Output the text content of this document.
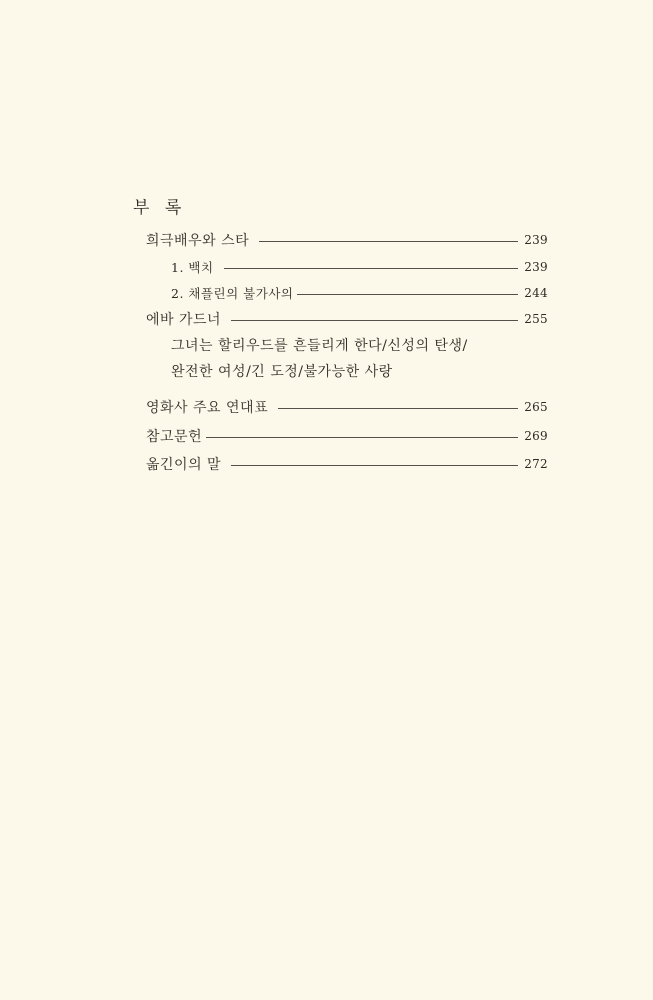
부 록
희극배우와 스타	239
1. 백치	239
2. 채플린의 불가사의	244
에바 가드너	255
그녀는 할리우드를 흔들리게 한다/신성의 탄생/
완전한 여성/긴 도정/불가능한 사랑
영화사 주요 연대표	265
참고문헌	269
옮긴이의 말	272
